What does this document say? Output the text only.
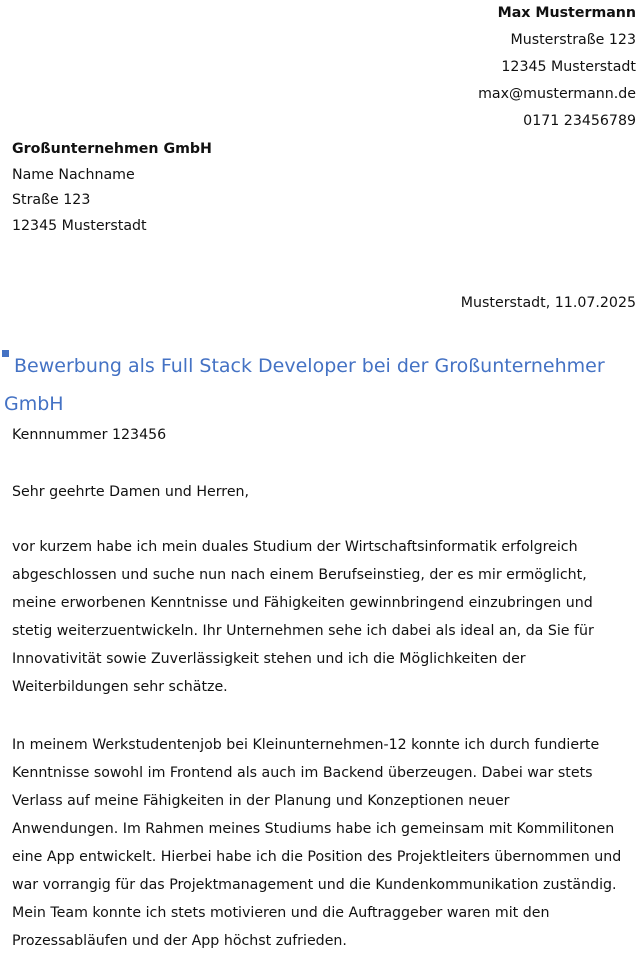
Max Mustermann
Musterstraße 123
12345 Musterstadt
max@mustermann.de
0171 23456789
Großunternehmen GmbH
Name Nachname
Straße 123
12345 Musterstadt
Musterstadt, 11.07.2025
Bewerbung als Full Stack Developer bei der Großunternehmer GmbH
Kennnummer 123456
Sehr geehrte Damen und Herren,
vor kurzem habe ich mein duales Studium der Wirtschaftsinformatik erfolgreich
abgeschlossen und suche nun nach einem Berufseinstieg, der es mir ermöglicht,
meine erworbenen Kenntnisse und Fähigkeiten gewinnbringend einzubringen und
stetig weiterzuentwickeln. Ihr Unternehmen sehe ich dabei als ideal an, da Sie für
Innovativität sowie Zuverlässigkeit stehen und ich die Möglichkeiten der
Weiterbildungen sehr schätze.
In meinem Werkstudentenjob bei Kleinunternehmen-12 konnte ich durch fundierte
Kenntnisse sowohl im Frontend als auch im Backend überzeugen. Dabei war stets
Verlass auf meine Fähigkeiten in der Planung und Konzeptionen neuer
Anwendungen. Im Rahmen meines Studiums habe ich gemeinsam mit Kommilitonen
eine App entwickelt. Hierbei habe ich die Position des Projektleiters übernommen und
war vorrangig für das Projektmanagement und die Kundenkommunikation zuständig.
Mein Team konnte ich stets motivieren und die Auftraggeber waren mit den
Prozessabläufen und der App höchst zufrieden.
